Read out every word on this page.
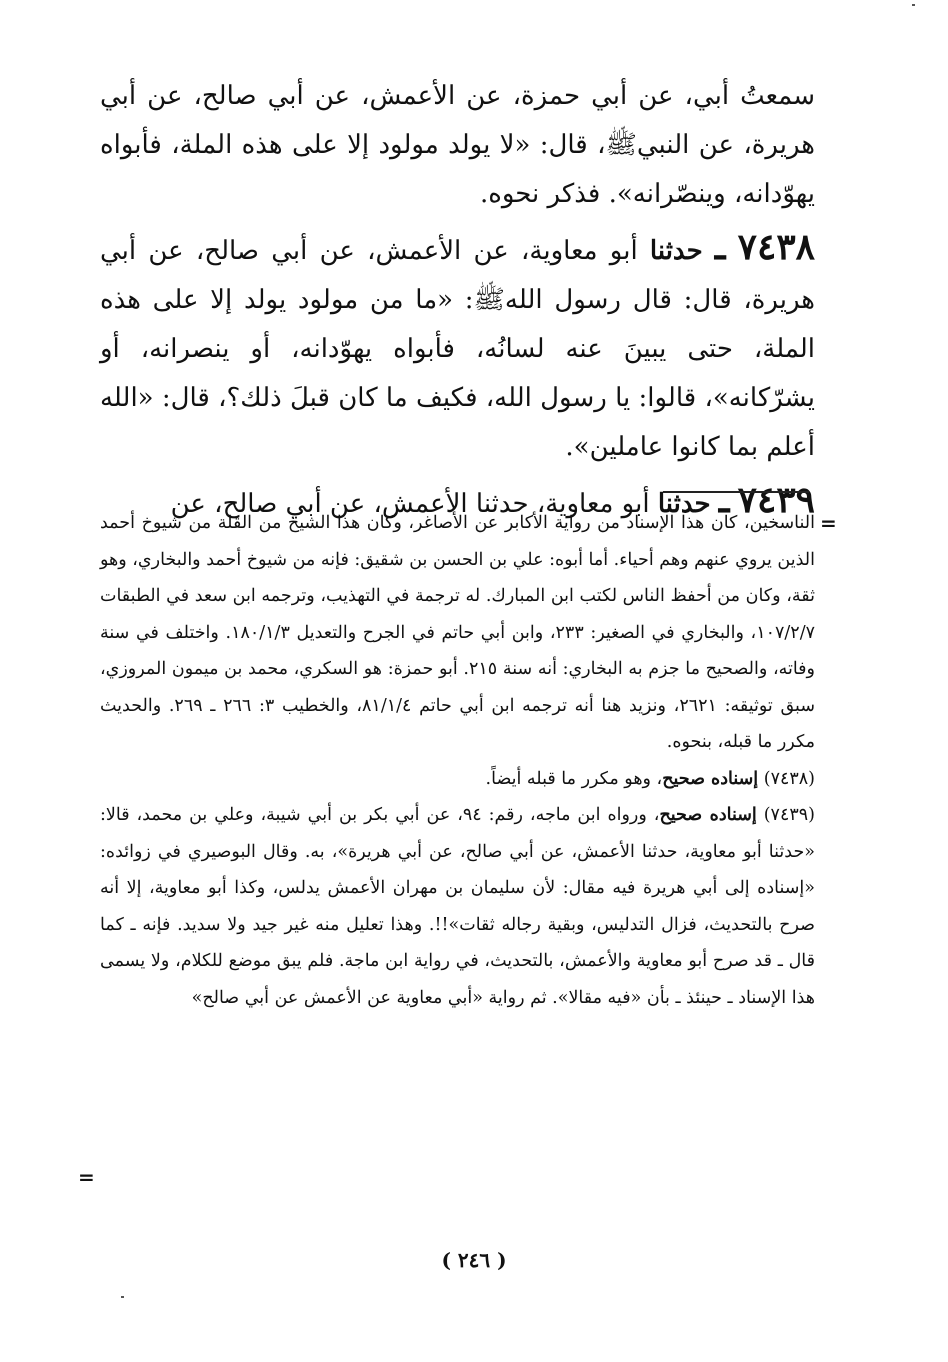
سمعتُ أبي، عن أبي حمزة، عن الأعمش، عن أبي صالح، عن أبي هريرة، عن النبيﷺ، قال: «لا يولد مولود إلا على هذه الملة، فأبواه يهوّدانه، وينصّرانه». فذكر نحوه.

٧٤٣٨ ـ حدثنا أبو معاوية، عن الأعمش، عن أبي صالح، عن أبي هريرة، قال: قال رسول اللهﷺ: «ما من مولود يولد إلا على هذه الملة، حتى يبينَ عنه لسانُه، فأبواه يهوّدانه، أو ينصرانه، أو يشرّكانه»، قالوا: يا رسول الله، فكيف ما كان قبلَ ذلك؟، قال: «الله أعلم بما كانوا عاملين».

٧٤٣٩ ـ حدثنا أبو معاوية، حدثنا الأعمش، عن أبي صالح، عن

=

الناسخين، كان هذا الإسناد من رواية الأكابر عن الأصاغر، وكان هذا الشيخ من القلة من شيوخ أحمد الذين يروي عنهم وهم أحياء. أما أبوه: علي بن الحسن بن شقيق: فإنه من شيوخ أحمد والبخاري، وهو ثقة، وكان من أحفظ الناس لكتب ابن المبارك. له ترجمة في التهذيب، وترجمه ابن سعد في الطبقات ١٠٧/٢/٧، والبخاري في الصغير: ٢٣٣، وابن أبي حاتم في الجرح والتعديل ١٨٠/١/٣. واختلف في سنة وفاته، والصحيح ما جزم به البخاري: أنه سنة ٢١٥. أبو حمزة: هو السكري، محمد بن ميمون المروزي، سبق توثيقه: ٢٦٢١، ونزيد هنا أنه ترجمه ابن أبي حاتم ٨١/١/٤، والخطيب ٣: ٢٦٦ ـ ٢٦٩. والحديث مكرر ما قبله، بنحوه.

(٧٤٣٨) إسناده صحيح، وهو مكرر ما قبله أيضاً.

(٧٤٣٩) إسناده صحيح، ورواه ابن ماجه، رقم: ٩٤، عن أبي بكر بن أبي شيبة، وعلي بن محمد، قالا: «حدثنا أبو معاوية، حدثنا الأعمش، عن أبي صالح، عن أبي هريرة»، به. وقال البوصيري في زوائده: «إسناده إلى أبي هريرة فيه مقال: لأن سليمان بن مهران الأعمش يدلس، وكذا أبو معاوية، إلا أنه صرح بالتحديث، فزال التدليس، وبقية رجاله ثقات»!!. وهذا تعليل منه غير جيد ولا سديد. فإنه ـ كما قال ـ قد صرح أبو معاوية والأعمش، بالتحديث، في رواية ابن ماجة. فلم يبق موضع للكلام، ولا يسمى هذا الإسناد ـ حينئذ ـ بأن «فيه مقالا». ثم رواية «أبي معاوية عن الأعمش عن أبي صالح»

=
( ٢٤٦ )
